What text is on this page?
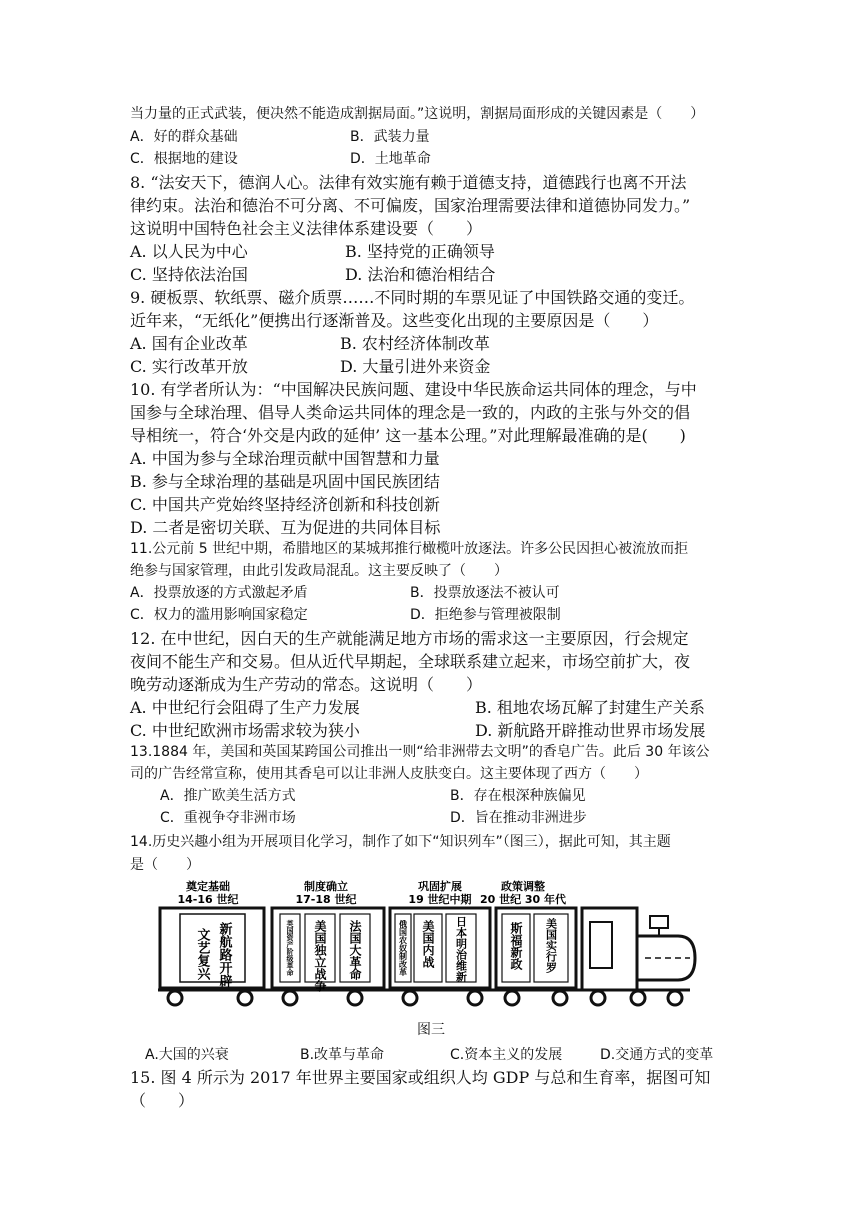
当力量的正式武装，便决然不能造成割据局面。”这说明，割据局面形成的关键因素是（　　）
A．好的群众基础	B．武装力量
C．根据地的建设	D．土地革命
8. “法安天下，德润人心。法律有效实施有赖于道德支持，道德践行也离不开法
律约束。法治和德治不可分离、不可偏废，国家治理需要法律和道德协同发力。”
这说明中国特色社会主义法律体系建设要（　　）
A. 以人民为中心	B. 坚持党的正确领导
C. 坚持依法治国	D. 法治和德治相结合
9. 硬板票、软纸票、磁介质票……不同时期的车票见证了中国铁路交通的变迁。
近年来，“无纸化”便携出行逐渐普及。这些变化出现的主要原因是（　　）
A. 国有企业改革	B. 农村经济体制改革
C. 实行改革开放	D. 大量引进外来资金
10. 有学者所认为：“中国解决民族问题、建设中华民族命运共同体的理念，与中
国参与全球治理、倡导人类命运共同体的理念是一致的，内政的主张与外交的倡
导相统一，符合‘外交是内政的延伸’ 这一基本公理。”对此理解最准确的是(　　)
A. 中国为参与全球治理贡献中国智慧和力量
B. 参与全球治理的基础是巩固中国民族团结
C. 中国共产党始终坚持经济创新和科技创新
D. 二者是密切关联、互为促进的共同体目标
11.公元前 5 世纪中期，希腊地区的某城邦推行橄榄叶放逐法。许多公民因担心被流放而拒
绝参与国家管理，由此引发政局混乱。这主要反映了（　　）
A．投票放逐的方式激起矛盾	B．投票放逐法不被认可
C．权力的滥用影响国家稳定	D．拒绝参与管理被限制
12. 在中世纪，因白天的生产就能满足地方市场的需求这一主要原因，行会规定
夜间不能生产和交易。但从近代早期起，全球联系建立起来，市场空前扩大，夜
晚劳动逐渐成为生产劳动的常态。这说明（　　）
A. 中世纪行会阻碍了生产力发展	B. 租地农场瓦解了封建生产关系
C. 中世纪欧洲市场需求较为狭小	D. 新航路开辟推动世界市场发展
13.1884 年，美国和英国某跨国公司推出一则“给非洲带去文明”的香皂广告。此后 30 年该公
司的广告经常宣称，使用其香皂可以让非洲人皮肤变白。这主要体现了西方（　　）
A．推广欧美生活方式	B．存在根深种族偏见
C．重视争夺非洲市场	D．旨在推动非洲进步
14.历史兴趣小组为开展项目化学习，制作了如下“知识列车”（图三），据此可知，其主题
是（　　）
奠定基础
14-16 世纪
文艺复兴 新航路开辟
制度确立
17-18 世纪
英国资产阶级革命 美国独立战争 法国大革命
巩固扩展
19 世纪中期
俄国农奴制改革 美国内战 日本明治维新
政策调整
20 世纪 30 年代
斯福新政 美国实行罗
图三
A.大国的兴衰	B.改革与革命	C.资本主义的发展	D.交通方式的变革
15. 图 4 所示为 2017 年世界主要国家或组织人均 GDP 与总和生育率，据图可知
（　　）
